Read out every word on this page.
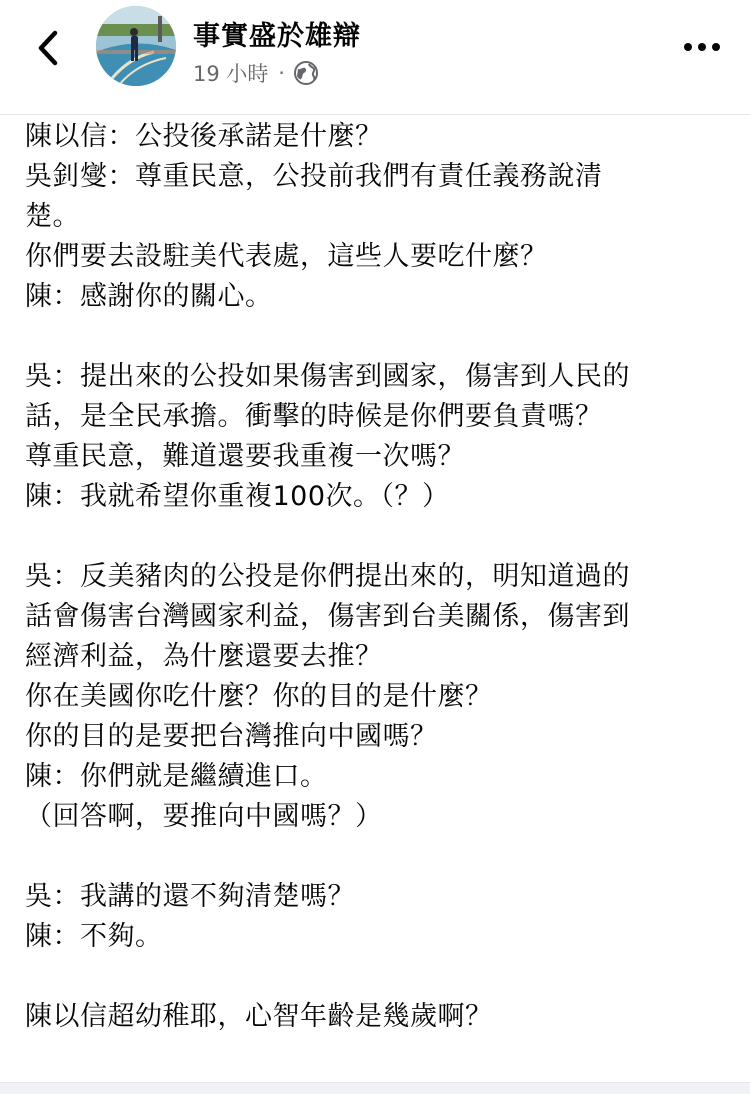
事實盛於雄辯
19 小時 ·
陳以信：公投後承諾是什麼？
吳釗燮：尊重民意，公投前我們有責任義務說清
楚。
你們要去設駐美代表處，這些人要吃什麼？
陳：感謝你的關心。
吳：提出來的公投如果傷害到國家，傷害到人民的
話，是全民承擔。衝擊的時候是你們要負責嗎？
尊重民意，難道還要我重複一次嗎？
陳：我就希望你重複100次。（？）
吳：反美豬肉的公投是你們提出來的，明知道過的
話會傷害台灣國家利益，傷害到台美關係，傷害到
經濟利益，為什麼還要去推？
你在美國你吃什麼？你的目的是什麼？
你的目的是要把台灣推向中國嗎？
陳：你們就是繼續進口。
（回答啊，要推向中國嗎？）
吳：我講的還不夠清楚嗎？
陳：不夠。
陳以信超幼稚耶，心智年齡是幾歲啊？
